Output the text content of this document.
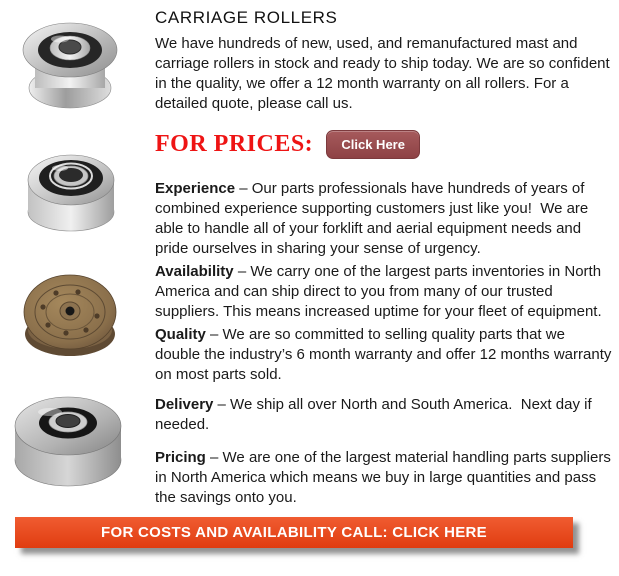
CARRIAGE ROLLERS

We have hundreds of new, used, and remanufactured mast and carriage rollers in stock and ready to ship today. We are so confident in the quality, we offer a 12 month warranty on all rollers. For a detailed quote, please call us.

FOR PRICES:	Click Here

Experience – Our parts professionals have hundreds of years of combined experience supporting customers just like you!  We are able to handle all of your forklift and aerial equipment needs and pride ourselves in sharing your sense of urgency.

Availability – We carry one of the largest parts inventories in North America and can ship direct to you from many of our trusted suppliers. This means increased uptime for your fleet of equipment.

Quality – We are so committed to selling quality parts that we double the industry’s 6 month warranty and offer 12 months warranty on most parts sold.

Delivery – We ship all over North and South America.  Next day if needed.

Pricing – We are one of the largest material handling parts suppliers in North America which means we buy in large quantities and pass the savings onto you.

FOR COSTS AND AVAILABILITY CALL: CLICK HERE
